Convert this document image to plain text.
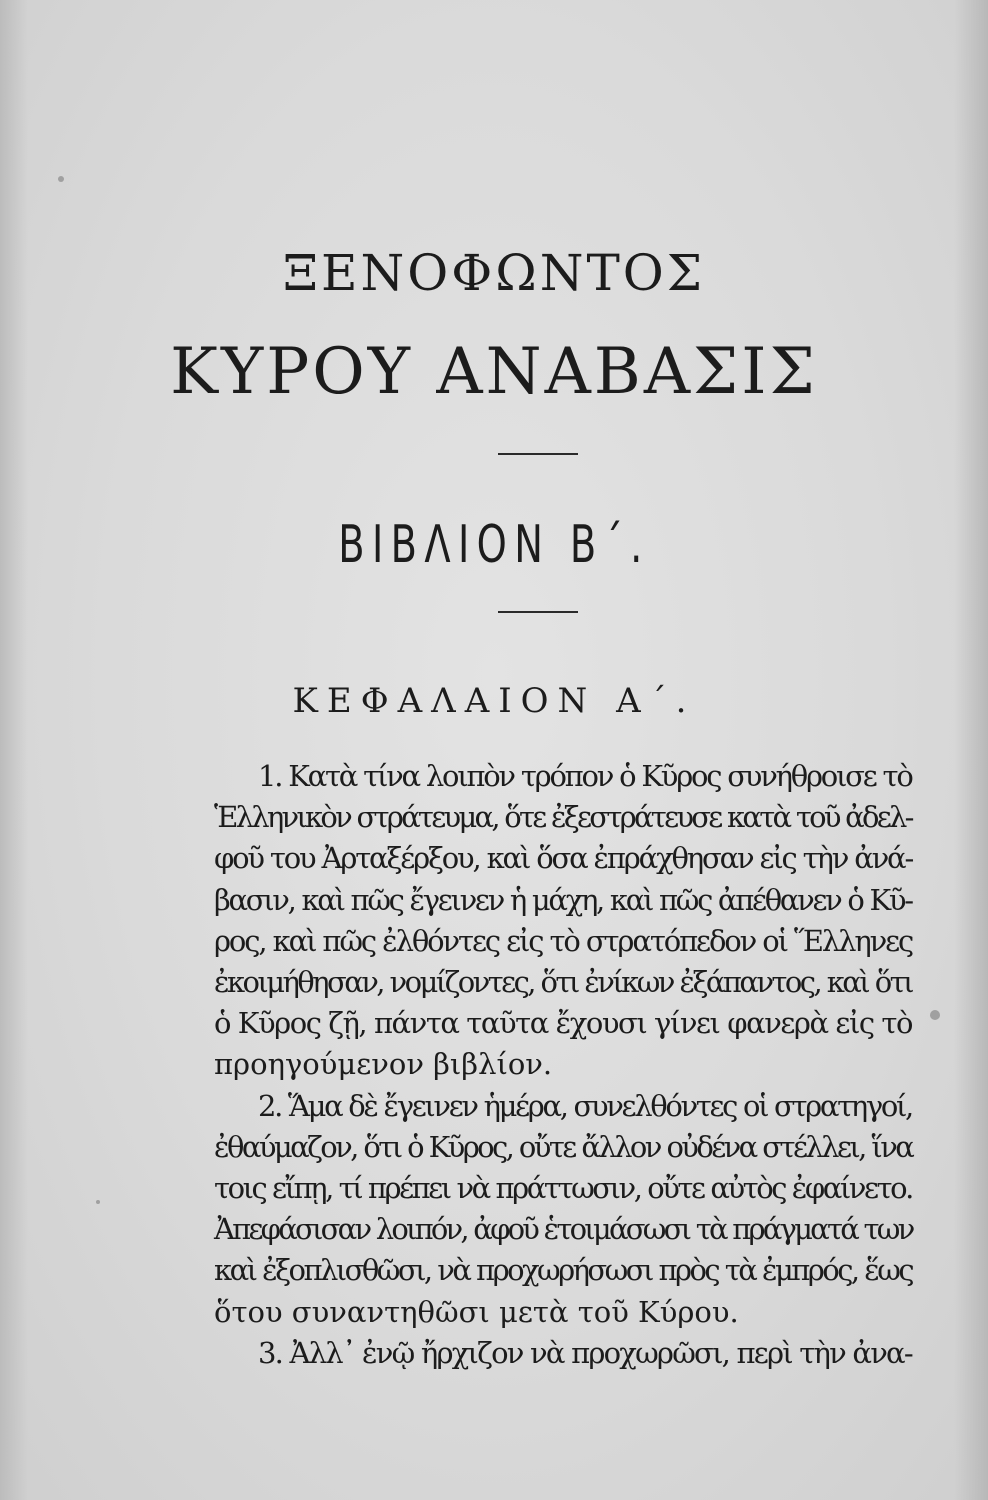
ΞΕΝΟΦΩΝΤΟΣ
ΚΥΡΟΥ ΑΝΑΒΑΣΙΣ
ΒΙΒΛΙΟΝ Β΄.
ΚΕΦΑΛΑΙΟΝ Α΄.
1. Κατὰ τίνα λοιπὸν τρόπον ὁ Κῦρος συνήθροισε τὸ
Ἑλληνικὸν στράτευμα, ὅτε ἐξεστράτευσε κατὰ τοῦ ἀδελ-
φοῦ του Ἀρταξέρξου, καὶ ὅσα ἐπράχθησαν εἰς τὴν ἀνά-
βασιν, καὶ πῶς ἔγεινεν ἡ μάχη, καὶ πῶς ἀπέθανεν ὁ Κῦ-
ρος, καὶ πῶς ἐλθόντες εἰς τὸ στρατόπεδον οἱ Ἕλληνες
ἐκοιμήθησαν, νομίζοντες, ὅτι ἐνίκων ἐξάπαντος, καὶ ὅτι
ὁ Κῦρος ζῇ, πάντα ταῦτα ἔχουσι γίνει φανερὰ εἰς τὸ
προηγούμενον βιβλίον.
2. Ἅμα δὲ ἔγεινεν ἡμέρα, συνελθόντες οἱ στρατηγοί,
ἐθαύμαζον, ὅτι ὁ Κῦρος, οὔτε ἄλλον οὐδένα στέλλει, ἵνα
τοις εἴπῃ, τί πρέπει νὰ πράττωσιν, οὔτε αὐτὸς ἐφαίνετο.
Ἀπεφάσισαν λοιπόν, ἀφοῦ ἑτοιμάσωσι τὰ πράγματά των
καὶ ἐξοπλισθῶσι, νὰ προχωρήσωσι πρὸς τὰ ἐμπρός, ἕως
ὅτου συναντηθῶσι μετὰ τοῦ Κύρου.
3. Ἀλλ᾽ ἐνῷ ἤρχιζον νὰ προχωρῶσι, περὶ τὴν ἀνα-
